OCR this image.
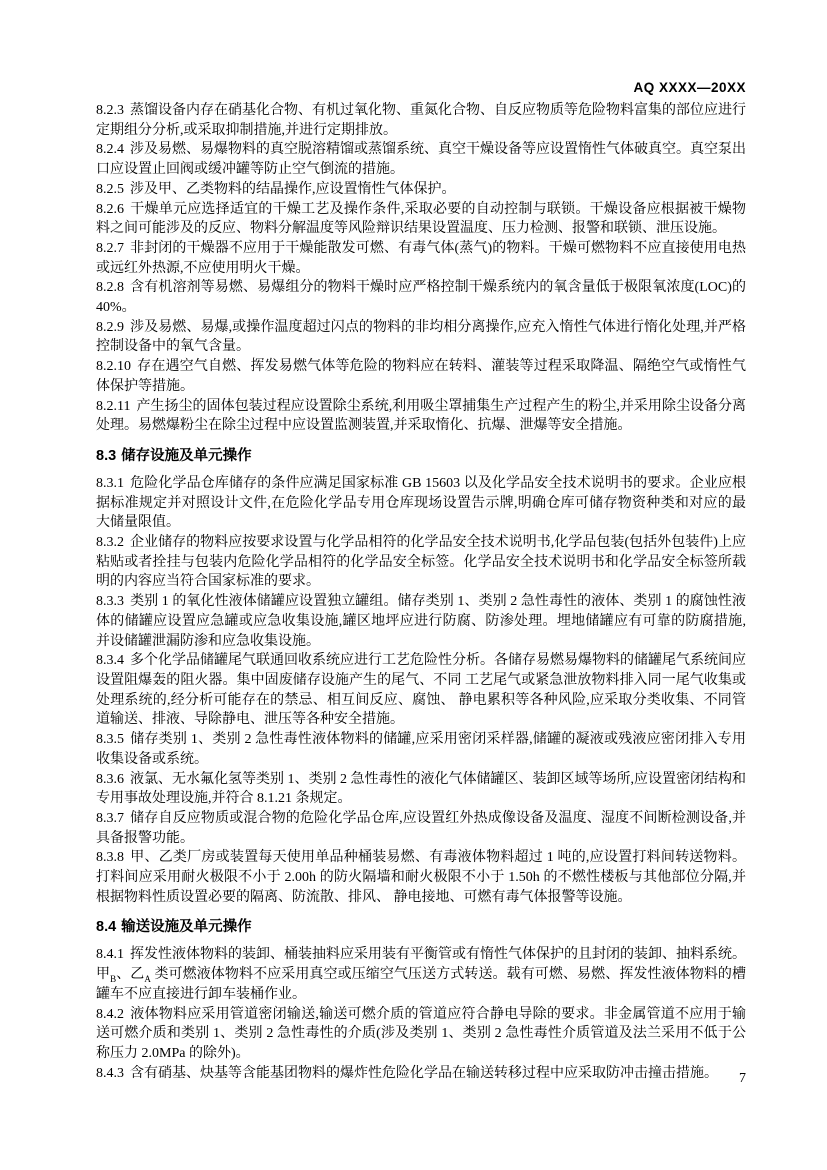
AQ XXXX—20XX

8.2.3 蒸馏设备内存在硝基化合物、有机过氧化物、重氮化合物、自反应物质等危险物料富集的部位应进行定期组分分析,或采取抑制措施,并进行定期排放。

8.2.4 涉及易燃、易爆物料的真空脱溶精馏或蒸馏系统、真空干燥设备等应设置惰性气体破真空。真空泵出口应设置止回阀或缓冲罐等防止空气倒流的措施。

8.2.5 涉及甲、乙类物料的结晶操作,应设置惰性气体保护。

8.2.6 干燥单元应选择适宜的干燥工艺及操作条件,采取必要的自动控制与联锁。干燥设备应根据被干燥物料之间可能涉及的反应、物料分解温度等风险辩识结果设置温度、压力检测、报警和联锁、泄压设施。

8.2.7 非封闭的干燥器不应用于干燥能散发可燃、有毒气体(蒸气)的物料。干燥可燃物料不应直接使用电热或远红外热源,不应使用明火干燥。

8.2.8 含有机溶剂等易燃、易爆组分的物料干燥时应严格控制干燥系统内的氧含量低于极限氧浓度(LOC)的 40%。

8.2.9 涉及易燃、易爆,或操作温度超过闪点的物料的非均相分离操作,应充入惰性气体进行惰化处理,并严格控制设备中的氧气含量。

8.2.10 存在遇空气自燃、挥发易燃气体等危险的物料应在转料、灌装等过程采取降温、隔绝空气或惰性气体保护等措施。

8.2.11 产生扬尘的固体包装过程应设置除尘系统,利用吸尘罩捕集生产过程产生的粉尘,并采用除尘设备分离处理。易燃爆粉尘在除尘过程中应设置监测装置,并采取惰化、抗爆、泄爆等安全措施。

8.3 储存设施及单元操作

8.3.1 危险化学品仓库储存的条件应满足国家标准 GB 15603 以及化学品安全技术说明书的要求。企业应根据标准规定并对照设计文件,在危险化学品专用仓库现场设置告示牌,明确仓库可储存物资种类和对应的最大储量限值。

8.3.2 企业储存的物料应按要求设置与化学品相符的化学品安全技术说明书,化学品包装(包括外包装件)上应粘贴或者拴挂与包装内危险化学品相符的化学品安全标签。化学品安全技术说明书和化学品安全标签所载明的内容应当符合国家标准的要求。

8.3.3 类别 1 的氧化性液体储罐应设置独立罐组。储存类别 1、类别 2 急性毒性的液体、类别 1 的腐蚀性液体的储罐应设置应急罐或应急收集设施,罐区地坪应进行防腐、防渗处理。埋地储罐应有可靠的防腐措施,并设储罐泄漏防渗和应急收集设施。

8.3.4 多个化学品储罐尾气联通回收系统应进行工艺危险性分析。各储存易燃易爆物料的储罐尾气系统间应设置阻爆轰的阻火器。集中固废储存设施产生的尾气、不同 工艺尾气或紧急泄放物料排入同一尾气收集或处理系统的,经分析可能存在的禁忌、相互间反应、腐蚀、 静电累积等各种风险,应采取分类收集、不同管道输送、排液、导除静电、泄压等各种安全措施。

8.3.5 储存类别 1、类别 2 急性毒性液体物料的储罐,应采用密闭采样器,储罐的凝液或残液应密闭排入专用收集设备或系统。

8.3.6 液氯、无水氟化氢等类别 1、类别 2 急性毒性的液化气体储罐区、装卸区域等场所,应设置密闭结构和专用事故处理设施,并符合 8.1.21 条规定。

8.3.7 储存自反应物质或混合物的危险化学品仓库,应设置红外热成像设备及温度、湿度不间断检测设备,并具备报警功能。

8.3.8 甲、乙类厂房或装置每天使用单品种桶装易燃、有毒液体物料超过 1 吨的,应设置打料间转送物料。打料间应采用耐火极限不小于 2.00h 的防火隔墙和耐火极限不小于 1.50h 的不燃性楼板与其他部位分隔,并根据物料性质设置必要的隔离、防流散、排风、 静电接地、可燃有毒气体报警等设施。

8.4 输送设施及单元操作

8.4.1 挥发性液体物料的装卸、桶装抽料应采用装有平衡管或有惰性气体保护的且封闭的装卸、抽料系统。甲$_B$、乙$_A$ 类可燃液体物料不应采用真空或压缩空气压送方式转送。载有可燃、易燃、挥发性液体物料的槽罐车不应直接进行卸车装桶作业。

8.4.2 液体物料应采用管道密闭输送,输送可燃介质的管道应符合静电导除的要求。非金属管道不应用于输送可燃介质和类别 1、类别 2 急性毒性的介质(涉及类别 1、类别 2 急性毒性介质管道及法兰采用不低于公称压力 2.0MPa 的除外)。

8.4.3 含有硝基、炔基等含能基团物料的爆炸性危险化学品在输送转移过程中应采取防冲击撞击措施。	7
